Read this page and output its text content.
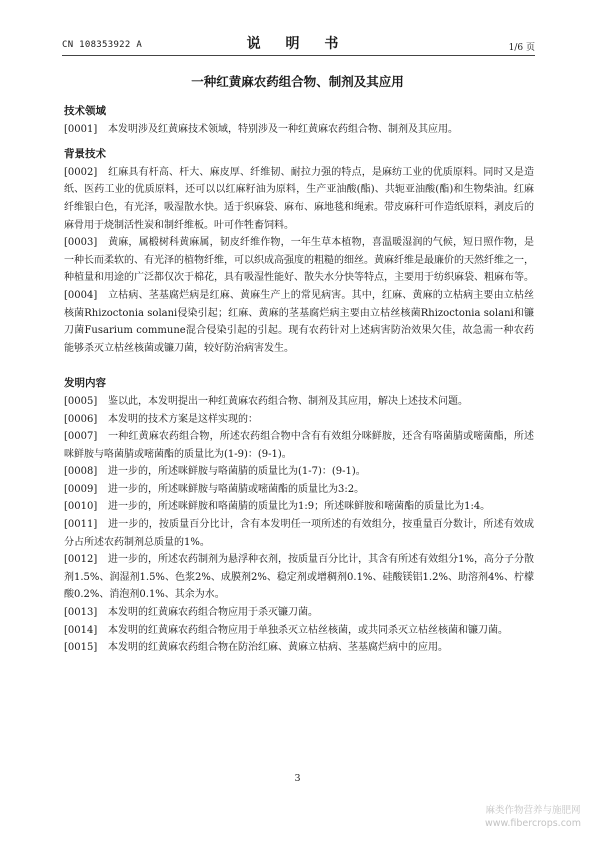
CN 108353922 A	说 明 书	1/6 页
一种红黄麻农药组合物、制剂及其应用

技术领域

[0001] 本发明涉及红黄麻技术领域，特别涉及一种红黄麻农药组合物、制剂及其应用。

背景技术

[0002] 红麻具有杆高、杆大、麻皮厚、纤维韧、耐拉力强的特点，是麻纺工业的优质原料。同时又是造纸、医药工业的优质原料，还可以以红麻籽油为原料，生产亚油酸(酯)、共轭亚油酸(酯)和生物柴油。红麻纤维银白色，有光泽，吸湿散水快。适于织麻袋、麻布、麻地毯和绳索。带皮麻秆可作造纸原料，剥皮后的麻骨用于烧制活性炭和制纤维板。叶可作牲畜饲料。

[0003] 黄麻，属椴树科黄麻属，韧皮纤维作物，一年生草本植物，喜温暖湿润的气候，短日照作物，是一种长而柔软的、有光泽的植物纤维，可以织成高强度的粗糙的细丝。黄麻纤维是最廉价的天然纤维之一，种植量和用途的广泛都仅次于棉花，具有吸湿性能好、散失水分快等特点，主要用于纺织麻袋、粗麻布等。

[0004] 立枯病、茎基腐烂病是红麻、黄麻生产上的常见病害。其中，红麻、黄麻的立枯病主要由立枯丝核菌Rhizoctonia solani侵染引起；红麻、黄麻的茎基腐烂病主要由立枯丝核菌Rhizoctonia solani和镰刀菌Fusarium commune混合侵染引起的引起。现有农药针对上述病害防治效果欠佳，故急需一种农药能够杀灭立枯丝核菌或镰刀菌，较好防治病害发生。

发明内容

[0005] 鉴以此，本发明提出一种红黄麻农药组合物、制剂及其应用，解决上述技术问题。

[0006] 本发明的技术方案是这样实现的：

[0007] 一种红黄麻农药组合物，所述农药组合物中含有有效组分咪鲜胺，还含有咯菌腈或嘧菌酯，所述咪鲜胺与咯菌腈或嘧菌酯的质量比为(1-9)：(9-1)。

[0008] 进一步的，所述咪鲜胺与咯菌腈的质量比为(1-7)：(9-1)。

[0009] 进一步的，所述咪鲜胺与咯菌腈或嘧菌酯的质量比为3:2。

[0010] 进一步的，所述咪鲜胺和咯菌腈的质量比为1:9；所述咪鲜胺和嘧菌酯的质量比为1:4。

[0011] 进一步的，按质量百分比计，含有本发明任一项所述的有效组分，按重量百分数计，所述有效成分占所述农药制剂总质量的1%。

[0012] 进一步的，所述农药制剂为悬浮种衣剂，按质量百分比计，其含有所述有效组分1%，高分子分散剂1.5%、润湿剂1.5%、色浆2%、成膜剂2%、稳定剂或增稠剂0.1%、硅酸镁铝1.2%、助溶剂4%、柠檬酸0.2%、消泡剂0.1%、其余为水。

[0013] 本发明的红黄麻农药组合物应用于杀灭镰刀菌。

[0014] 本发明的红黄麻农药组合物应用于单独杀灭立枯丝核菌，或共同杀灭立枯丝核菌和镰刀菌。

[0015] 本发明的红黄麻农药组合物在防治红麻、黄麻立枯病、茎基腐烂病中的应用。

3
麻类作物营养与施肥网
www.fibercrops.com
